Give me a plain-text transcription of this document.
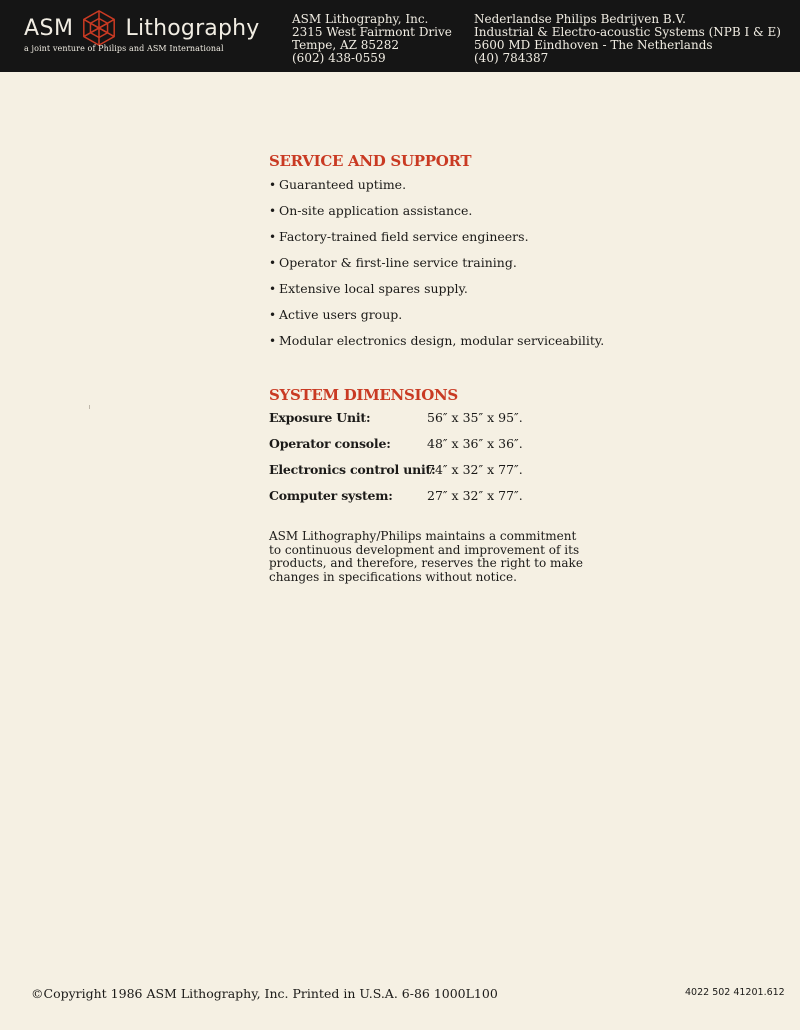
ASM Lithography
a joint venture of Philips and ASM International
ASM Lithography, Inc.
2315 West Fairmont Drive
Tempe, AZ 85282
(602) 438-0559
Nederlandse Philips Bedrijven B.V.
Industrial & Electro-acoustic Systems (NPB I & E)
5600 MD Eindhoven - The Netherlands
(40) 784387
SERVICE AND SUPPORT
• Guaranteed uptime.
• On-site application assistance.
• Factory-trained field service engineers.
• Operator & first-line service training.
• Extensive local spares supply.
• Active users group.
• Modular electronics design, modular serviceability.
SYSTEM DIMENSIONS
Exposure Unit:	56″ x 35″ x 95″.
Operator console:	48″ x 36″ x 36″.
Electronics control unit:
74″ x 32″ x 77″.
Computer system:	27″ x 32″ x 77″.
ASM Lithography/Philips maintains a commitment
to continuous development and improvement of its
products, and therefore, reserves the right to make
changes in specifications without notice.
©Copyright 1986 ASM Lithography, Inc. Printed in U.S.A. 6-86 1000L100	4022 502 41201.612
